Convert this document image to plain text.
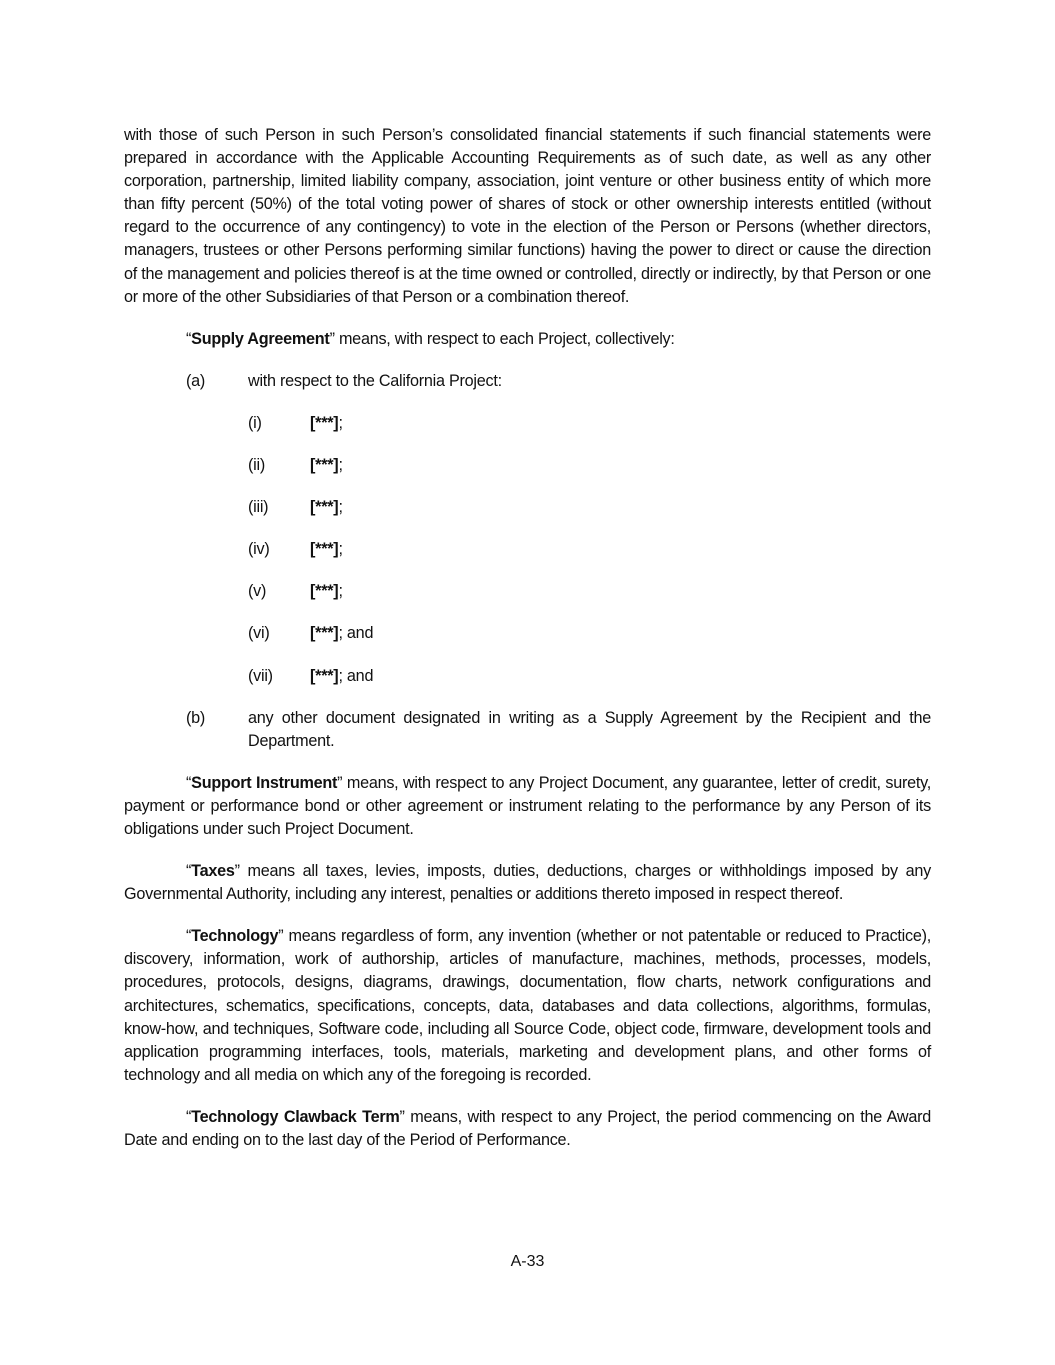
with those of such Person in such Person’s consolidated financial statements if such financial statements were prepared in accordance with the Applicable Accounting Requirements as of such date, as well as any other corporation, partnership, limited liability company, association, joint venture or other business entity of which more than fifty percent (50%) of the total voting power of shares of stock or other ownership interests entitled (without regard to the occurrence of any contingency) to vote in the election of the Person or Persons (whether directors, managers, trustees or other Persons performing similar functions) having the power to direct or cause the direction of the management and policies thereof is at the time owned or controlled, directly or indirectly, by that Person or one or more of the other Subsidiaries of that Person or a combination thereof.

“Supply Agreement” means, with respect to each Project, collectively:

(a)	with respect to the California Project:
(i)	[***];
(ii)	[***];
(iii)	[***];
(iv)	[***];
(v)	[***];
(vi)	[***]; and
(vii)	[***]; and
(b)	any other document designated in writing as a Supply Agreement by the Recipient and the Department.

“Support Instrument” means, with respect to any Project Document, any guarantee, letter of credit, surety, payment or performance bond or other agreement or instrument relating to the performance by any Person of its obligations under such Project Document.

“Taxes” means all taxes, levies, imposts, duties, deductions, charges or withholdings imposed by any Governmental Authority, including any interest, penalties or additions thereto imposed in respect thereof.

“Technology” means regardless of form, any invention (whether or not patentable or reduced to Practice), discovery, information, work of authorship, articles of manufacture, machines, methods, processes, models, procedures, protocols, designs, diagrams, drawings, documentation, flow charts, network configurations and architectures, schematics, specifications, concepts, data, databases and data collections, algorithms, formulas, know-how, and techniques, Software code, including all Source Code, object code, firmware, development tools and application programming interfaces, tools, materials, marketing and development plans, and other forms of technology and all media on which any of the foregoing is recorded.

“Technology Clawback Term” means, with respect to any Project, the period commencing on the Award Date and ending on to the last day of the Period of Performance.

A-33
